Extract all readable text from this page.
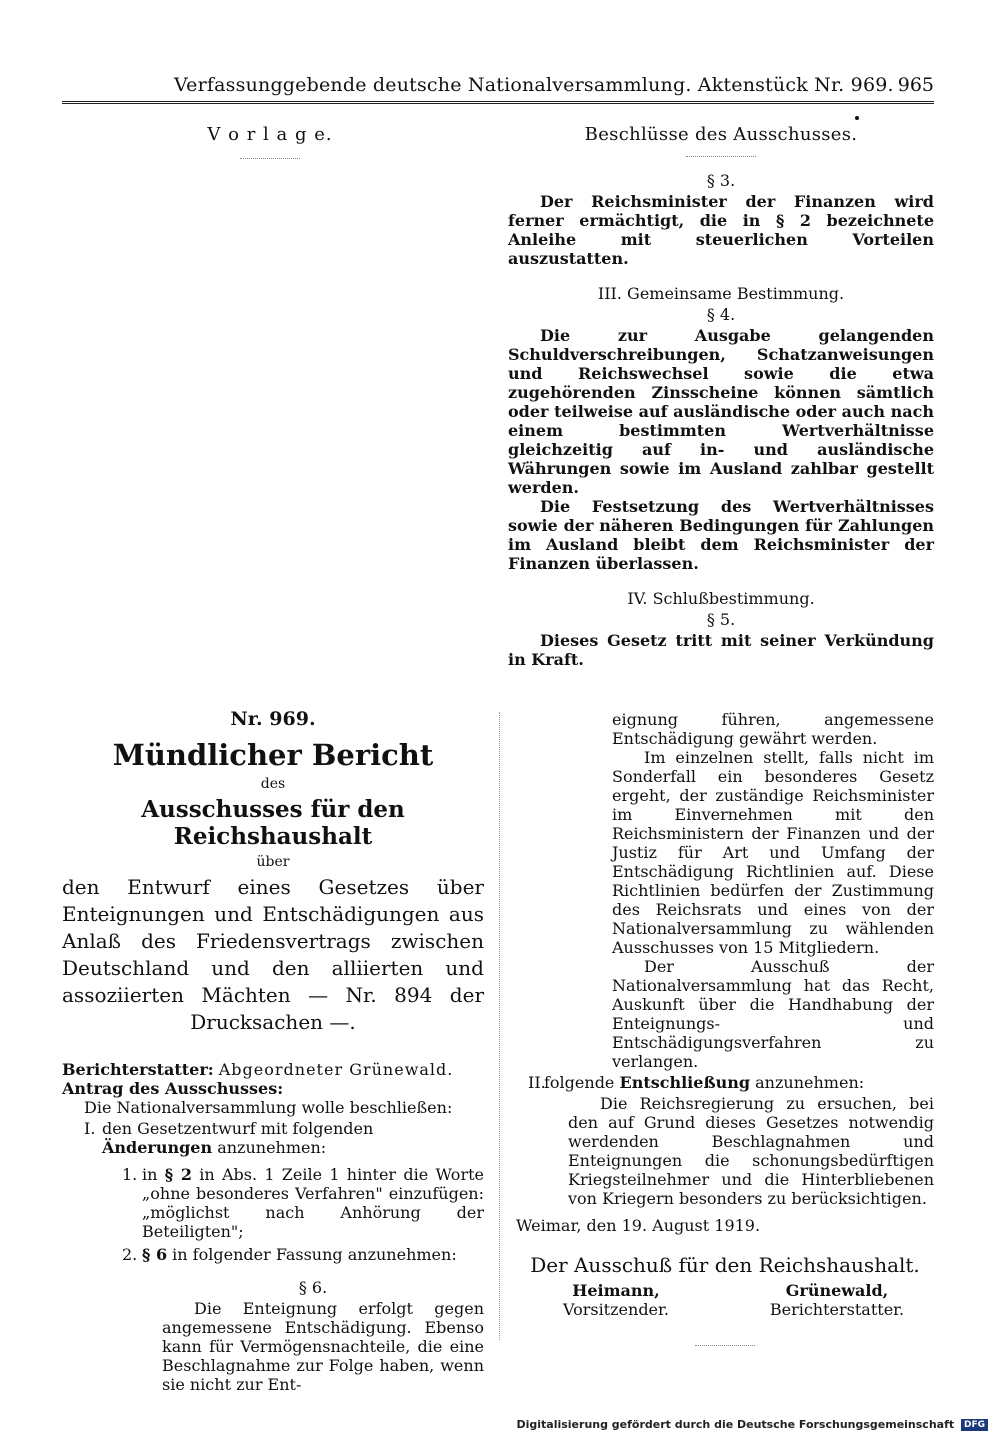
Verfassunggebende deutsche Nationalversammlung. Aktenstück Nr. 969. 965
V o r l a g e.	Beschlüsse des Ausschusses.
§ 3.

Der Reichsminister der Finanzen wird ferner ermächtigt, die in § 2 bezeichnete Anleihe mit steuerlichen Vorteilen auszustatten.

III. Gemeinsame Bestimmung.
§ 4.

Die zur Ausgabe gelangenden Schuldverschreibungen, Schatzanweisungen und Reichswechsel sowie die etwa zugehörenden Zinsscheine können sämtlich oder teilweise auf ausländische oder auch nach einem bestimmten Wertverhältnisse gleichzeitig auf in- und ausländische Währungen sowie im Ausland zahlbar gestellt werden.

Die Festsetzung des Wertverhältnisses sowie der näheren Bedingungen für Zahlungen im Ausland bleibt dem Reichsminister der Finanzen überlassen.

IV. Schlußbestimmung.
§ 5.

Dieses Gesetz tritt mit seiner Verkündung in Kraft.

Nr. 969.
Mündlicher Bericht
des
Ausschusses für den Reichshaushalt
über
den Entwurf eines Gesetzes über Enteignungen und Entschädigungen aus Anlaß des Friedensvertrags zwischen Deutschland und den alliierten und assoziierten Mächten — Nr. 894 der Drucksachen —.
Berichterstatter: Abgeordneter Grünewald.
Antrag des Ausschusses:
Die Nationalversammlung wolle beschließen:
I. den Gesetzentwurf mit folgenden Änderungen anzunehmen:
1. in § 2 in Abs. 1 Zeile 1 hinter die Worte „ohne besonderes Verfahren" einzufügen: „möglichst nach Anhörung der Beteiligten";
2. § 6 in folgender Fassung anzunehmen:
§ 6.

Die Enteignung erfolgt gegen angemessene Entschädigung. Ebenso kann für Vermögensnachteile, die eine Beschlagnahme zur Folge haben, wenn sie nicht zur Ent-

eignung führen, angemessene Entschädigung gewährt werden.

Im einzelnen stellt, falls nicht im Sonderfall ein besonderes Gesetz ergeht, der zuständige Reichsminister im Einvernehmen mit den Reichsministern der Finanzen und der Justiz für Art und Umfang der Entschädigung Richtlinien auf. Diese Richtlinien bedürfen der Zustimmung des Reichsrats und eines von der Nationalversammlung zu wählenden Ausschusses von 15 Mitgliedern.

Der Ausschuß der Nationalversammlung hat das Recht, Auskunft über die Handhabung der Enteignungs- und Entschädigungsverfahren zu verlangen.

II.
folgende Entschließung anzunehmen:

Die Reichsregierung zu ersuchen, bei den auf Grund dieses Gesetzes notwendig werdenden Beschlagnahmen und Enteignungen die schonungsbedürftigen Kriegsteilnehmer und die Hinterbliebenen von Kriegern besonders zu berücksichtigen.

Weimar, den 19. August 1919.
Der Ausschuß für den Reichshaushalt.
Heimann,
Vorsitzender.
Grünewald,
Berichterstatter.
Digitalisierung gefördert durch die Deutsche Forschungsgemeinschaft DFG
